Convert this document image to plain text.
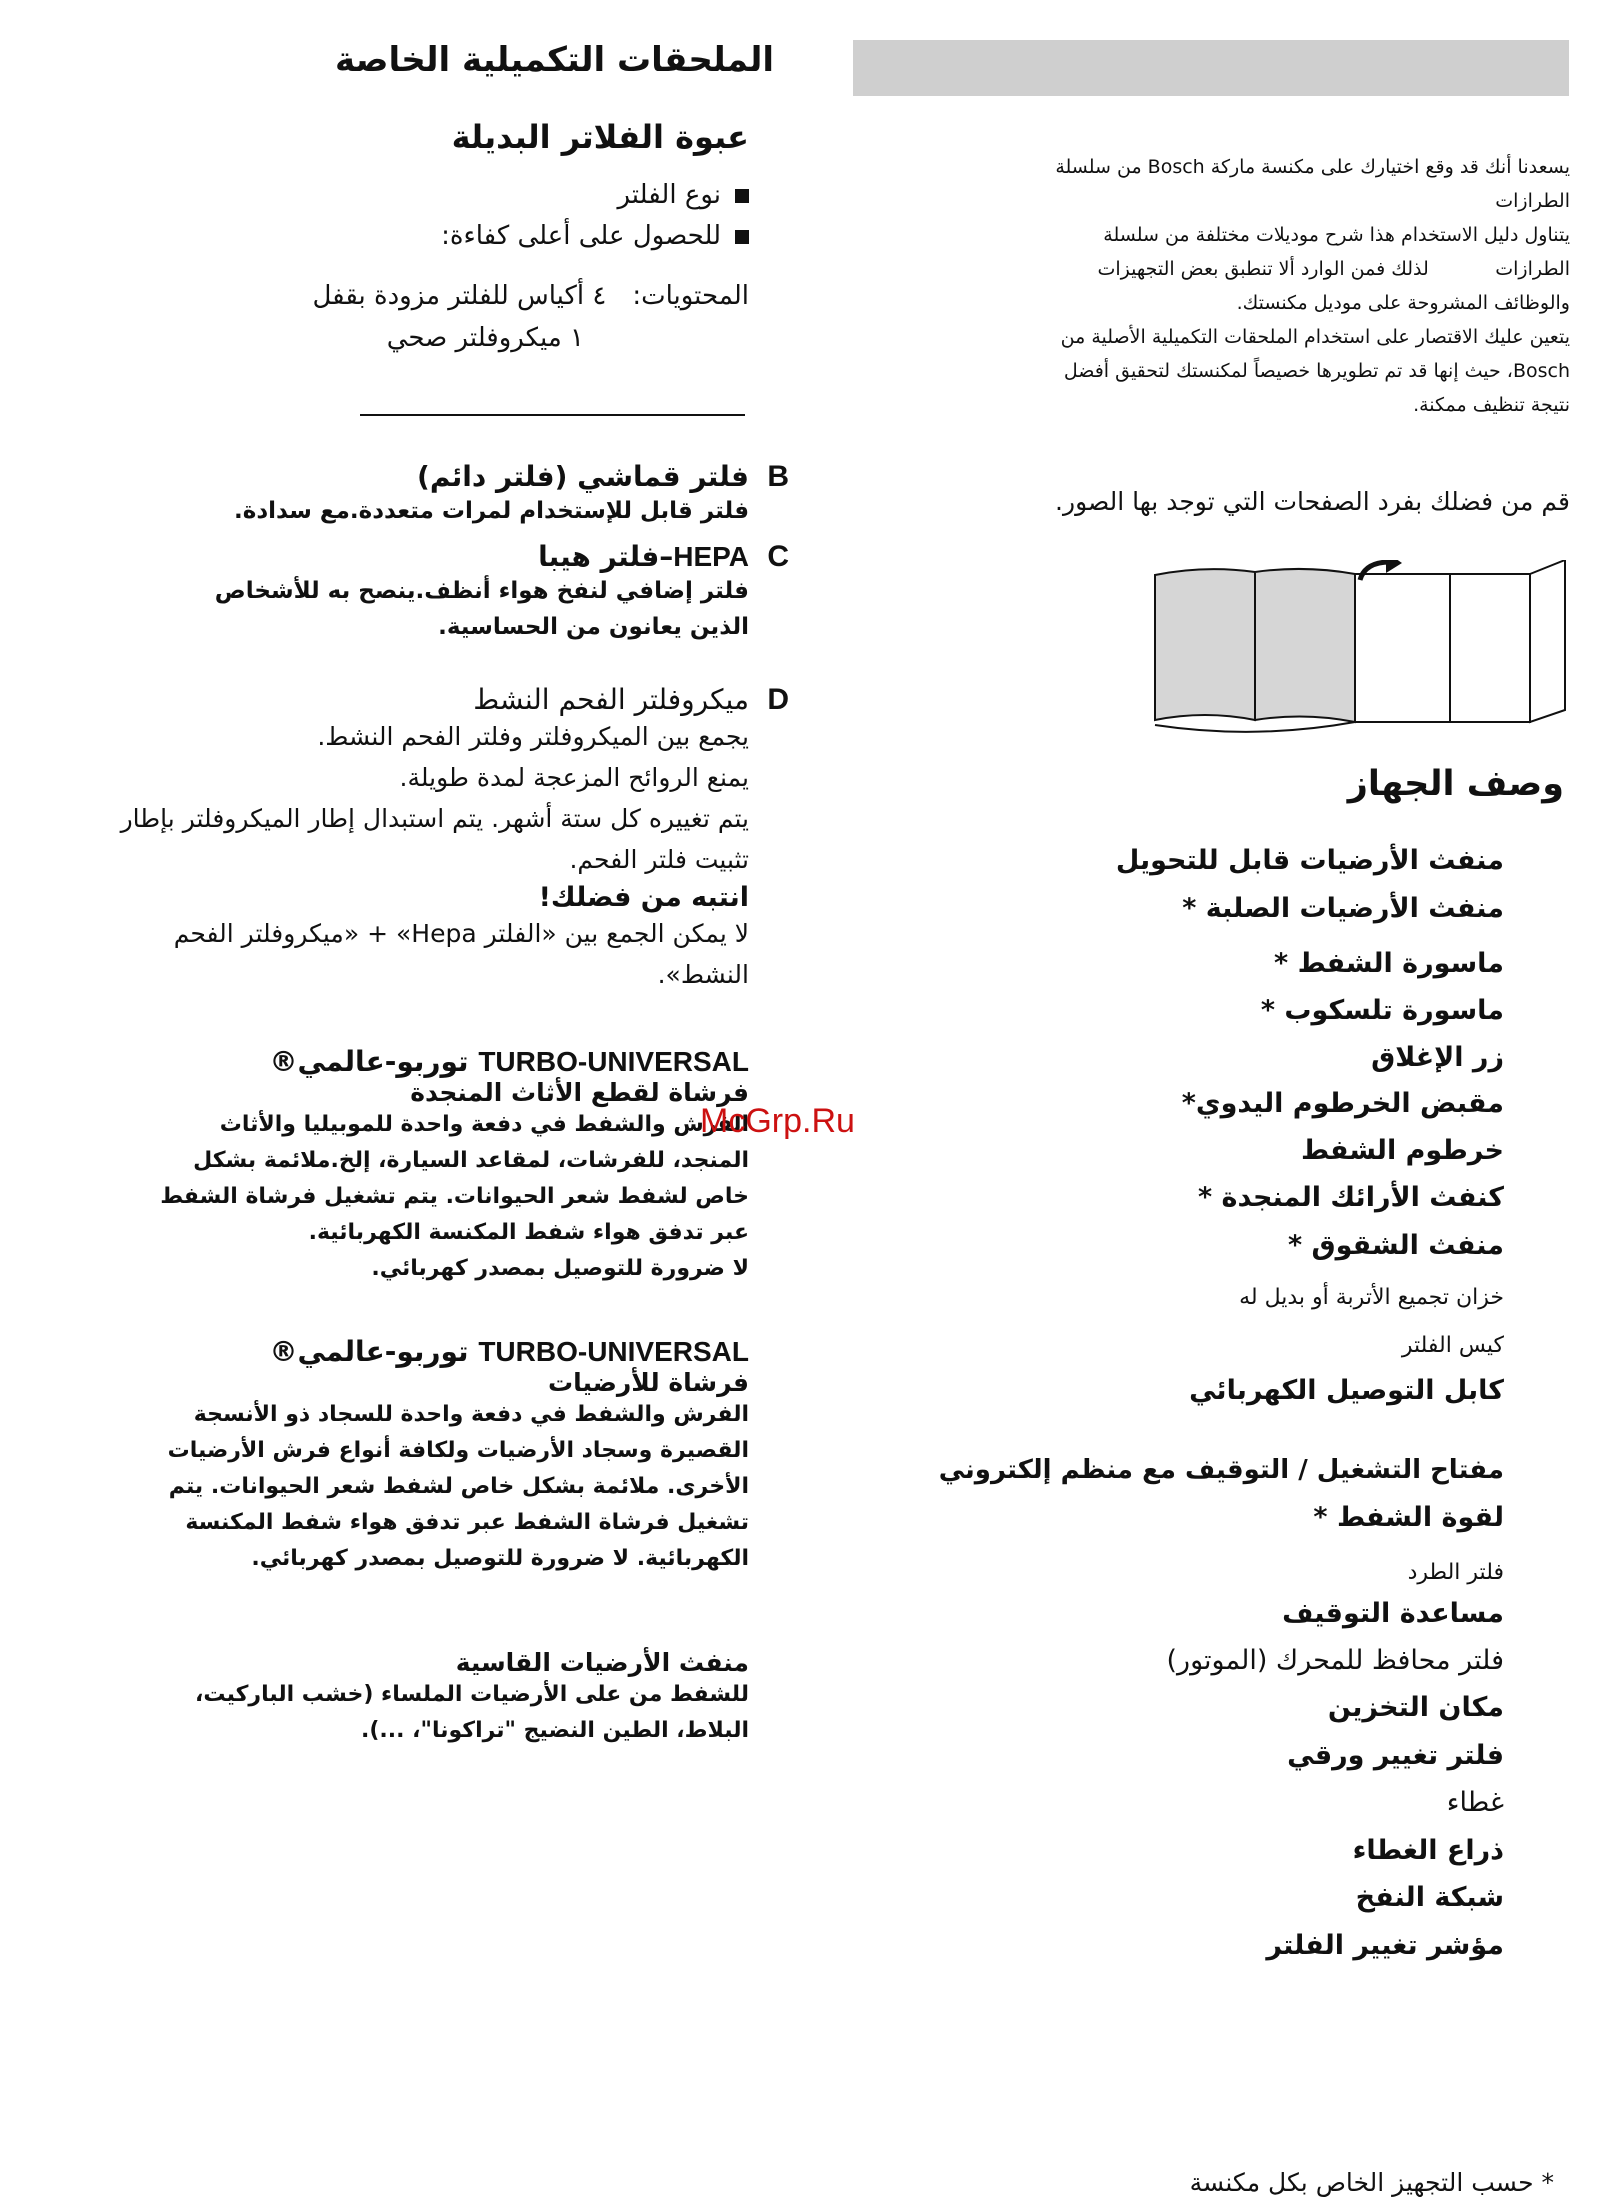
الملحقات التكميلية الخاصة
عبوة الفلاتر البديلة
نوع الفلتر
للحصول على أعلى كفاءة:
المحتويات:٤ أكياس للفلتر مزودة بقفل
١ ميكروفلتر صحي
B
فلتر قماشي (فلتر دائم)
فلتر قابل للإستخدام لمرات متعددة.مع سدادة.
C
HEPA–فلتر هيبا
فلتر إضافي لنفخ هواء أنظف.ينصح به للأشخاص
الذين يعانون من الحساسية.
D
ميكروفلتر الفحم النشط
يجمع بين الميكروفلتر وفلتر الفحم النشط.
يمنع الروائح المزعجة لمدة طويلة.
يتم تغييره كل ستة أشهر. يتم استبدال إطار الميكروفلتر بإطار
تثبيت فلتر الفحم.
انتبه من فضلك!
لا يمكن الجمع بين «الفلتر Hepa» + «ميكروفلتر الفحم
النشط».
TURBO-UNIVERSAL توربو-عالمي®
فرشاة لقطع الأثاث المنجدة
الفرش والشفط في دفعة واحدة للموبيليا والأثاث
المنجد، للفرشات، لمقاعد السيارة، إلخ.ملائمة بشكل
خاص لشفط شعر الحيوانات. يتم تشغيل فرشاة الشفط
عبر تدفق هواء شفط المكنسة الكهربائية.
لا ضرورة للتوصيل بمصدر كهربائي.
TURBO-UNIVERSAL توربو-عالمي®
فرشاة للأرضيات
الفرش والشفط في دفعة واحدة للسجاد ذو الأنسجة
القصيرة وسجاد الأرضيات ولكافة أنواع فرش الأرضيات
الأخرى. ملائمة بشكل خاص لشفط شعر الحيوانات. يتم
تشغيل فرشاة الشفط عبر تدفق هواء شفط المكنسة
الكهربائية. لا ضرورة للتوصيل بمصدر كهربائي.
منفث الأرضيات القاسية
للشفط من على الأرضيات الملساء (خشب الباركيت،
البلاط، الطين النضيج "تراكونا"، ...).
يسعدنا أنك قد وقع اختيارك على مكنسة ماركة Bosch من سلسلة
الطرازات
يتناول دليل الاستخدام هذا شرح موديلات مختلفة من سلسلة
الطرازات           لذلك فمن الوارد ألا تنطبق بعض التجهيزات
والوظائف المشروحة على موديل مكنستك.
يتعين عليك الاقتصار على استخدام الملحقات التكميلية الأصلية من
Bosch، حيث إنها قد تم تطويرها خصيصاً لمكنستك لتحقيق أفضل
نتيجة تنظيف ممكنة.
قم من فضلك بفرد الصفحات التي توجد بها الصور.
وصف الجهاز
منفث الأرضيات قابل للتحويل
منفث الأرضيات الصلبة *
ماسورة الشفط *
ماسورة تلسكوب *
زر الإغلاق
مقبض الخرطوم اليدوي*
خرطوم الشفط
كنفث الأرائك المنجدة *
منفث الشقوق *
خزان تجميع الأتربة أو بديل له
كيس الفلتر
كابل التوصيل الكهربائي
مفتاح التشغيل / التوقيف مع منظم إلكتروني
لقوة الشفط *
فلتر الطرد
مساعدة التوقيف
فلتر محافظ للمحرك (الموتور)
مكان التخزين
فلتر تغيير ورقي
غطاء
ذراع الغطاء
شبكة النفخ
مؤشر تغيير الفلتر
McGrp.Ru
* حسب التجهيز الخاص بكل مكنسة
